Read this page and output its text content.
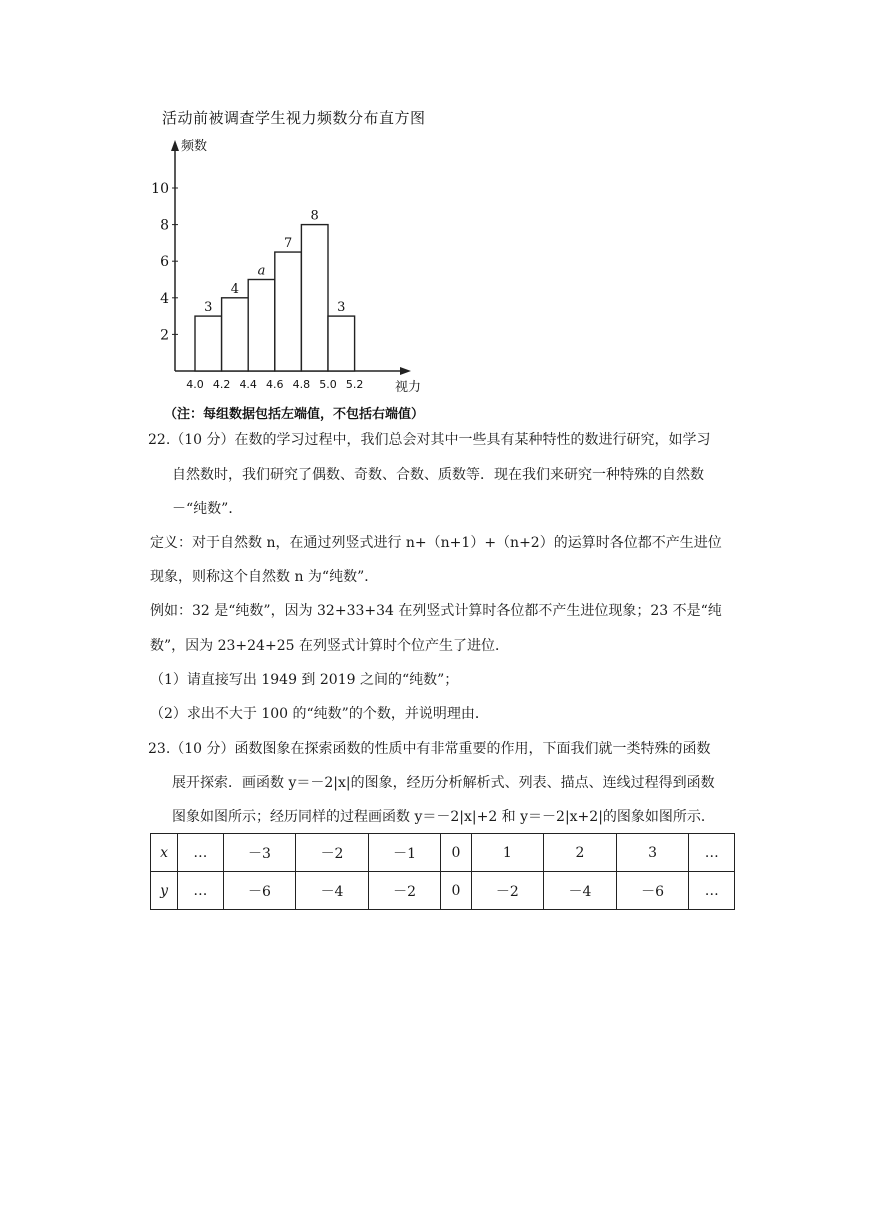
2
4
6
8
10
3
4
a
7
8
3
4.0 4.2 4.4 4.6 4.8 5.0 5.2 视力
频数
活动前被调查学生视力频数分布直方图
（注：每组数据包括左端值，不包括右端值）
22.（10 分）在数的学习过程中，我们总会对其中一些具有某种特性的数进行研究，如学习
自然数时，我们研究了偶数、奇数、合数、质数等．现在我们来研究一种特殊的自然数
－“纯数”．
定义：对于自然数 n，在通过列竖式进行 n+（n+1）+（n+2）的运算时各位都不产生进位
现象，则称这个自然数 n 为“纯数”．
例如：32 是“纯数”，因为 32+33+34 在列竖式计算时各位都不产生进位现象；23 不是“纯
数”，因为 23+24+25 在列竖式计算时个位产生了进位．
（1）请直接写出 1949 到 2019 之间的“纯数”；
（2）求出不大于 100 的“纯数”的个数，并说明理由．
23.（10 分）函数图象在探索函数的性质中有非常重要的作用，下面我们就一类特殊的函数
展开探索．画函数 y＝－2|x|的图象，经历分析解析式、列表、描点、连线过程得到函数
图象如图所示；经历同样的过程画函数 y＝－2|x|+2 和 y＝－2|x+2|的图象如图所示．
x	…	－3	－2	－1	0	1	2	3	…
y	…	－6	－4	－2	0	－2	－4	－6	…
